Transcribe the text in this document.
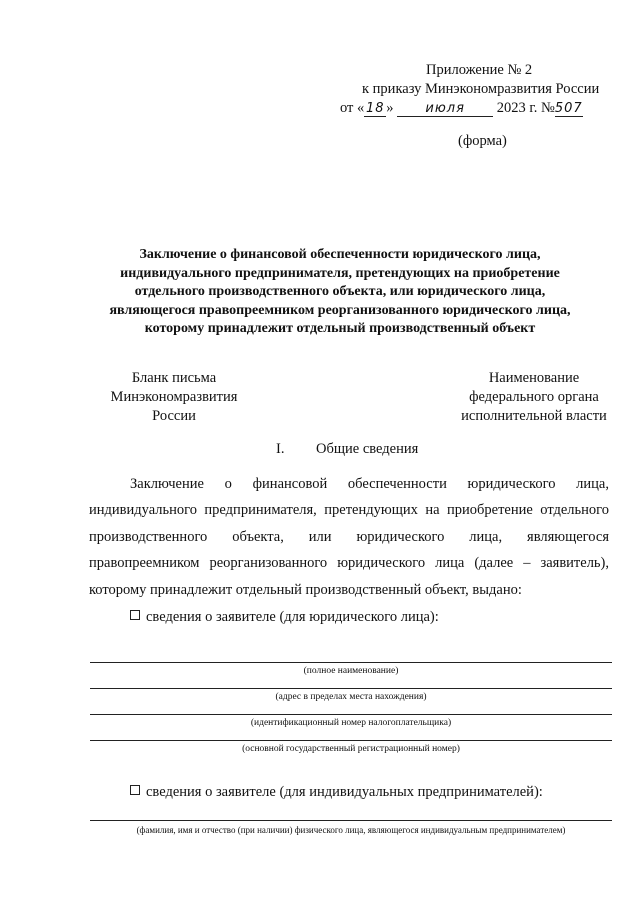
Приложение № 2
к приказу Минэкономразвития России
от « 18 » июля 2023 г. №507
(форма)
Заключение о финансовой обеспеченности юридического лица,
индивидуального предпринимателя, претендующих на приобретение
отдельного производственного объекта, или юридического лица,
являющегося правопреемником реорганизованного юридического лица,
которому принадлежит отдельный производственный объект
Бланк письма
Минэкономразвития
России
Наименование
федерального органа
исполнительной власти
I. Общие сведения
Заключение о финансовой обеспеченности юридического лица,
индивидуального предпринимателя, претендующих на приобретение отдельного
производственного объекта, или юридического лица, являющегося
правопреемником реорганизованного юридического лица (далее – заявитель),
которому принадлежит отдельный производственный объект, выдано:
сведения о заявителе (для юридического лица):
(полное наименование)
(адрес в пределах места нахождения)
(идентификационный номер налогоплательщика)
(основной государственный регистрационный номер)
сведения о заявителе (для индивидуальных предпринимателей):
(фамилия, имя и отчество (при наличии) физического лица, являющегося индивидуальным предпринимателем)
